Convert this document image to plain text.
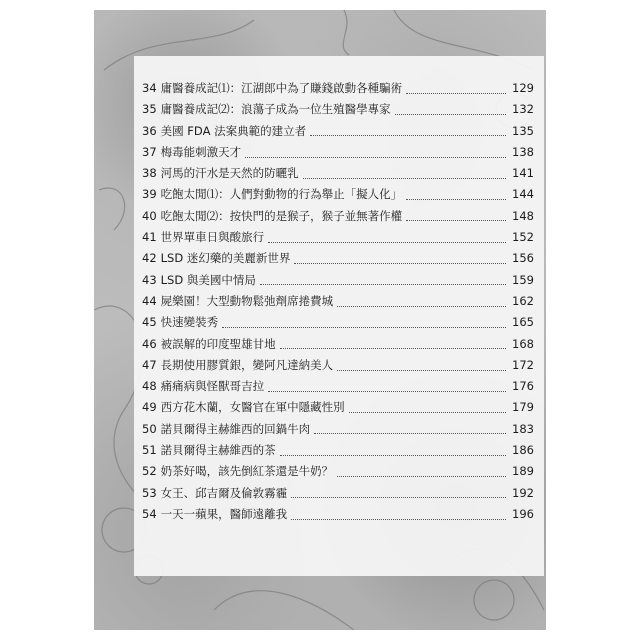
34 庸醫養成記⑴：江湖郎中為了賺錢啟動各種騙術	129
35 庸醫養成記⑵：浪蕩子成為一位生殖醫學專家	132
36 美國 FDA 法案典範的建立者	135
37 梅毒能刺激天才	138
38 河馬的汗水是天然的防曬乳	141
39 吃飽太閒⑴：人們對動物的行為舉止「擬人化」	144
40 吃飽太閒⑵：按快門的是猴子，猴子並無著作權	148
41 世界單車日與酸旅行	152
42 LSD 迷幻藥的美麗新世界	156
43 LSD 與美國中情局	159
44 屍樂園！大型動物鬆弛劑席捲費城	162
45 快速變裝秀	165
46 被誤解的印度聖雄甘地	168
47 長期使用膠質銀，變阿凡達納美人	172
48 痛痛病與怪獸哥吉拉	176
49 西方花木蘭，女醫官在軍中隱藏性別	179
50 諾貝爾得主赫維西的回鍋牛肉	183
51 諾貝爾得主赫維西的茶	186
52 奶茶好喝，該先倒紅茶還是牛奶？	189
53 女王、邱吉爾及倫敦霧霾	192
54 一天一蘋果，醫師遠離我	196
